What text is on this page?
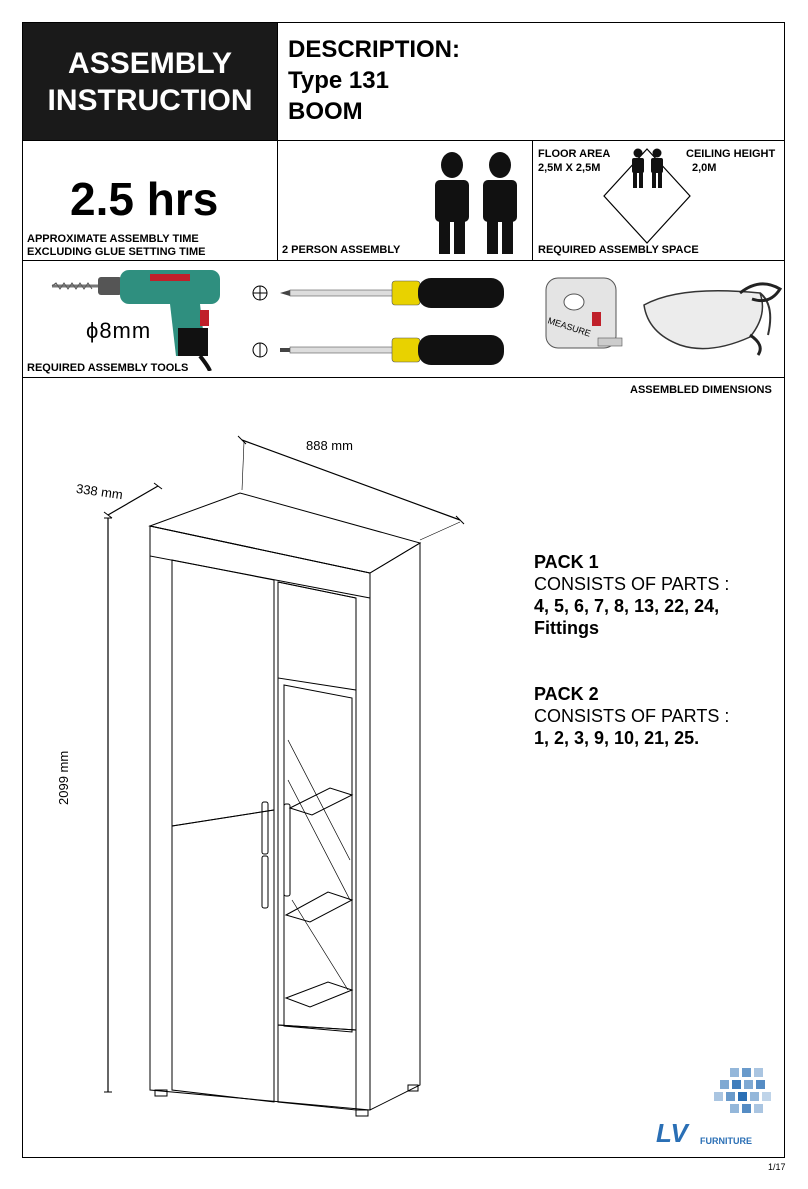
ASSEMBLY
INSTRUCTION
DESCRIPTION:
Type 131
BOOM
2.5 hrs
APPROXIMATE ASSEMBLY TIME
EXCLUDING GLUE SETTING TIME	2 PERSON ASSEMBLY
FLOOR AREA
2,5M X 2,5M
CEILING HEIGHT
2,0M
REQUIRED ASSEMBLY SPACE
ϕ8mm
REQUIRED ASSEMBLY TOOLS
MEASURE
ASSEMBLED DIMENSIONS
888 mm
338 mm
2099 mm
PACK 1
CONSISTS OF PARTS :
4, 5, 6, 7, 8, 13, 22, 24,
Fittings
PACK 2
CONSISTS OF PARTS :
1, 2, 3, 9, 10, 21, 25.
LV FURNITURE
1/17
